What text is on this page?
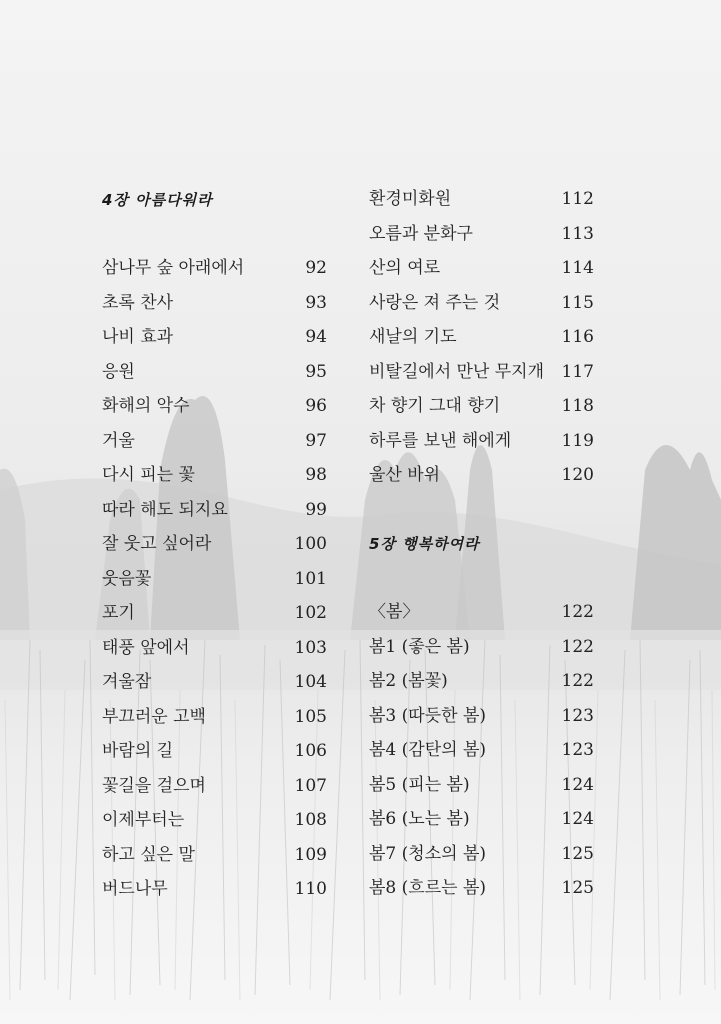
4장 아름다워라
삼나무 숲 아래에서	92
초록 찬사	93
나비 효과	94
응원	95
화해의 악수	96
거울	97
다시 피는 꽃	98
따라 해도 되지요	99
잘 웃고 싶어라	100
웃음꽃	101
포기	102
태풍 앞에서	103
겨울잠	104
부끄러운 고백	105
바람의 길	106
꽃길을 걸으며	107
이제부터는	108
하고 싶은 말	109
버드나무	110
환경미화원	112
오름과 분화구	113
산의 여로	114
사랑은 져 주는 것	115
새날의 기도	116
비탈길에서 만난 무지개 117
차 향기 그대 향기	118
하루를 보낸 해에게	119
울산 바위	120
5장 행복하여라
〈봄〉	122
봄1 (좋은 봄)	122
봄2 (봄꽃)	122
봄3 (따듯한 봄)	123
봄4 (감탄의 봄)	123
봄5 (피는 봄)	124
봄6 (노는 봄)	124
봄7 (청소의 봄)	125
봄8 (흐르는 봄)	125
